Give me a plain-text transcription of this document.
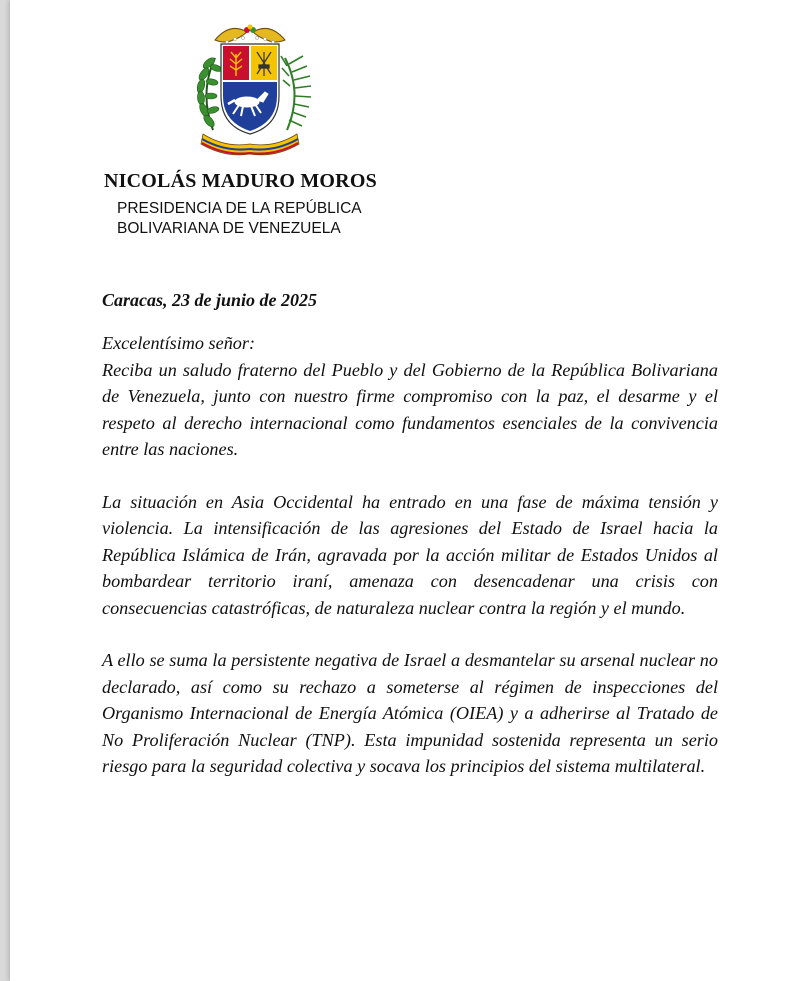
NICOLÁS MADURO MOROS
PRESIDENCIA DE LA REPÚBLICA
BOLIVARIANA DE VENEZUELA
Caracas, 23 de junio de 2025

Excelentísimo señor:

Reciba un saludo fraterno del Pueblo y del Gobierno de la República Bolivariana de Venezuela, junto con nuestro firme compromiso con la paz, el desarme y el respeto al derecho internacional como fundamentos esenciales de la convivencia entre las naciones.

La situación en Asia Occidental ha entrado en una fase de máxima tensión y violencia. La intensificación de las agresiones del Estado de Israel hacia la República Islámica de Irán, agravada por la acción militar de Estados Unidos al bombardear territorio iraní, amenaza con desencadenar una crisis con consecuencias catastróficas, de naturaleza nuclear contra la región y el mundo.

A ello se suma la persistente negativa de Israel a desmantelar su arsenal nuclear no declarado, así como su rechazo a someterse al régimen de inspecciones del Organismo Internacional de Energía Atómica (OIEA) y a adherirse al Tratado de No Proliferación Nuclear (TNP). Esta impunidad sostenida representa un serio riesgo para la seguridad colectiva y socava los principios del sistema multilateral.
